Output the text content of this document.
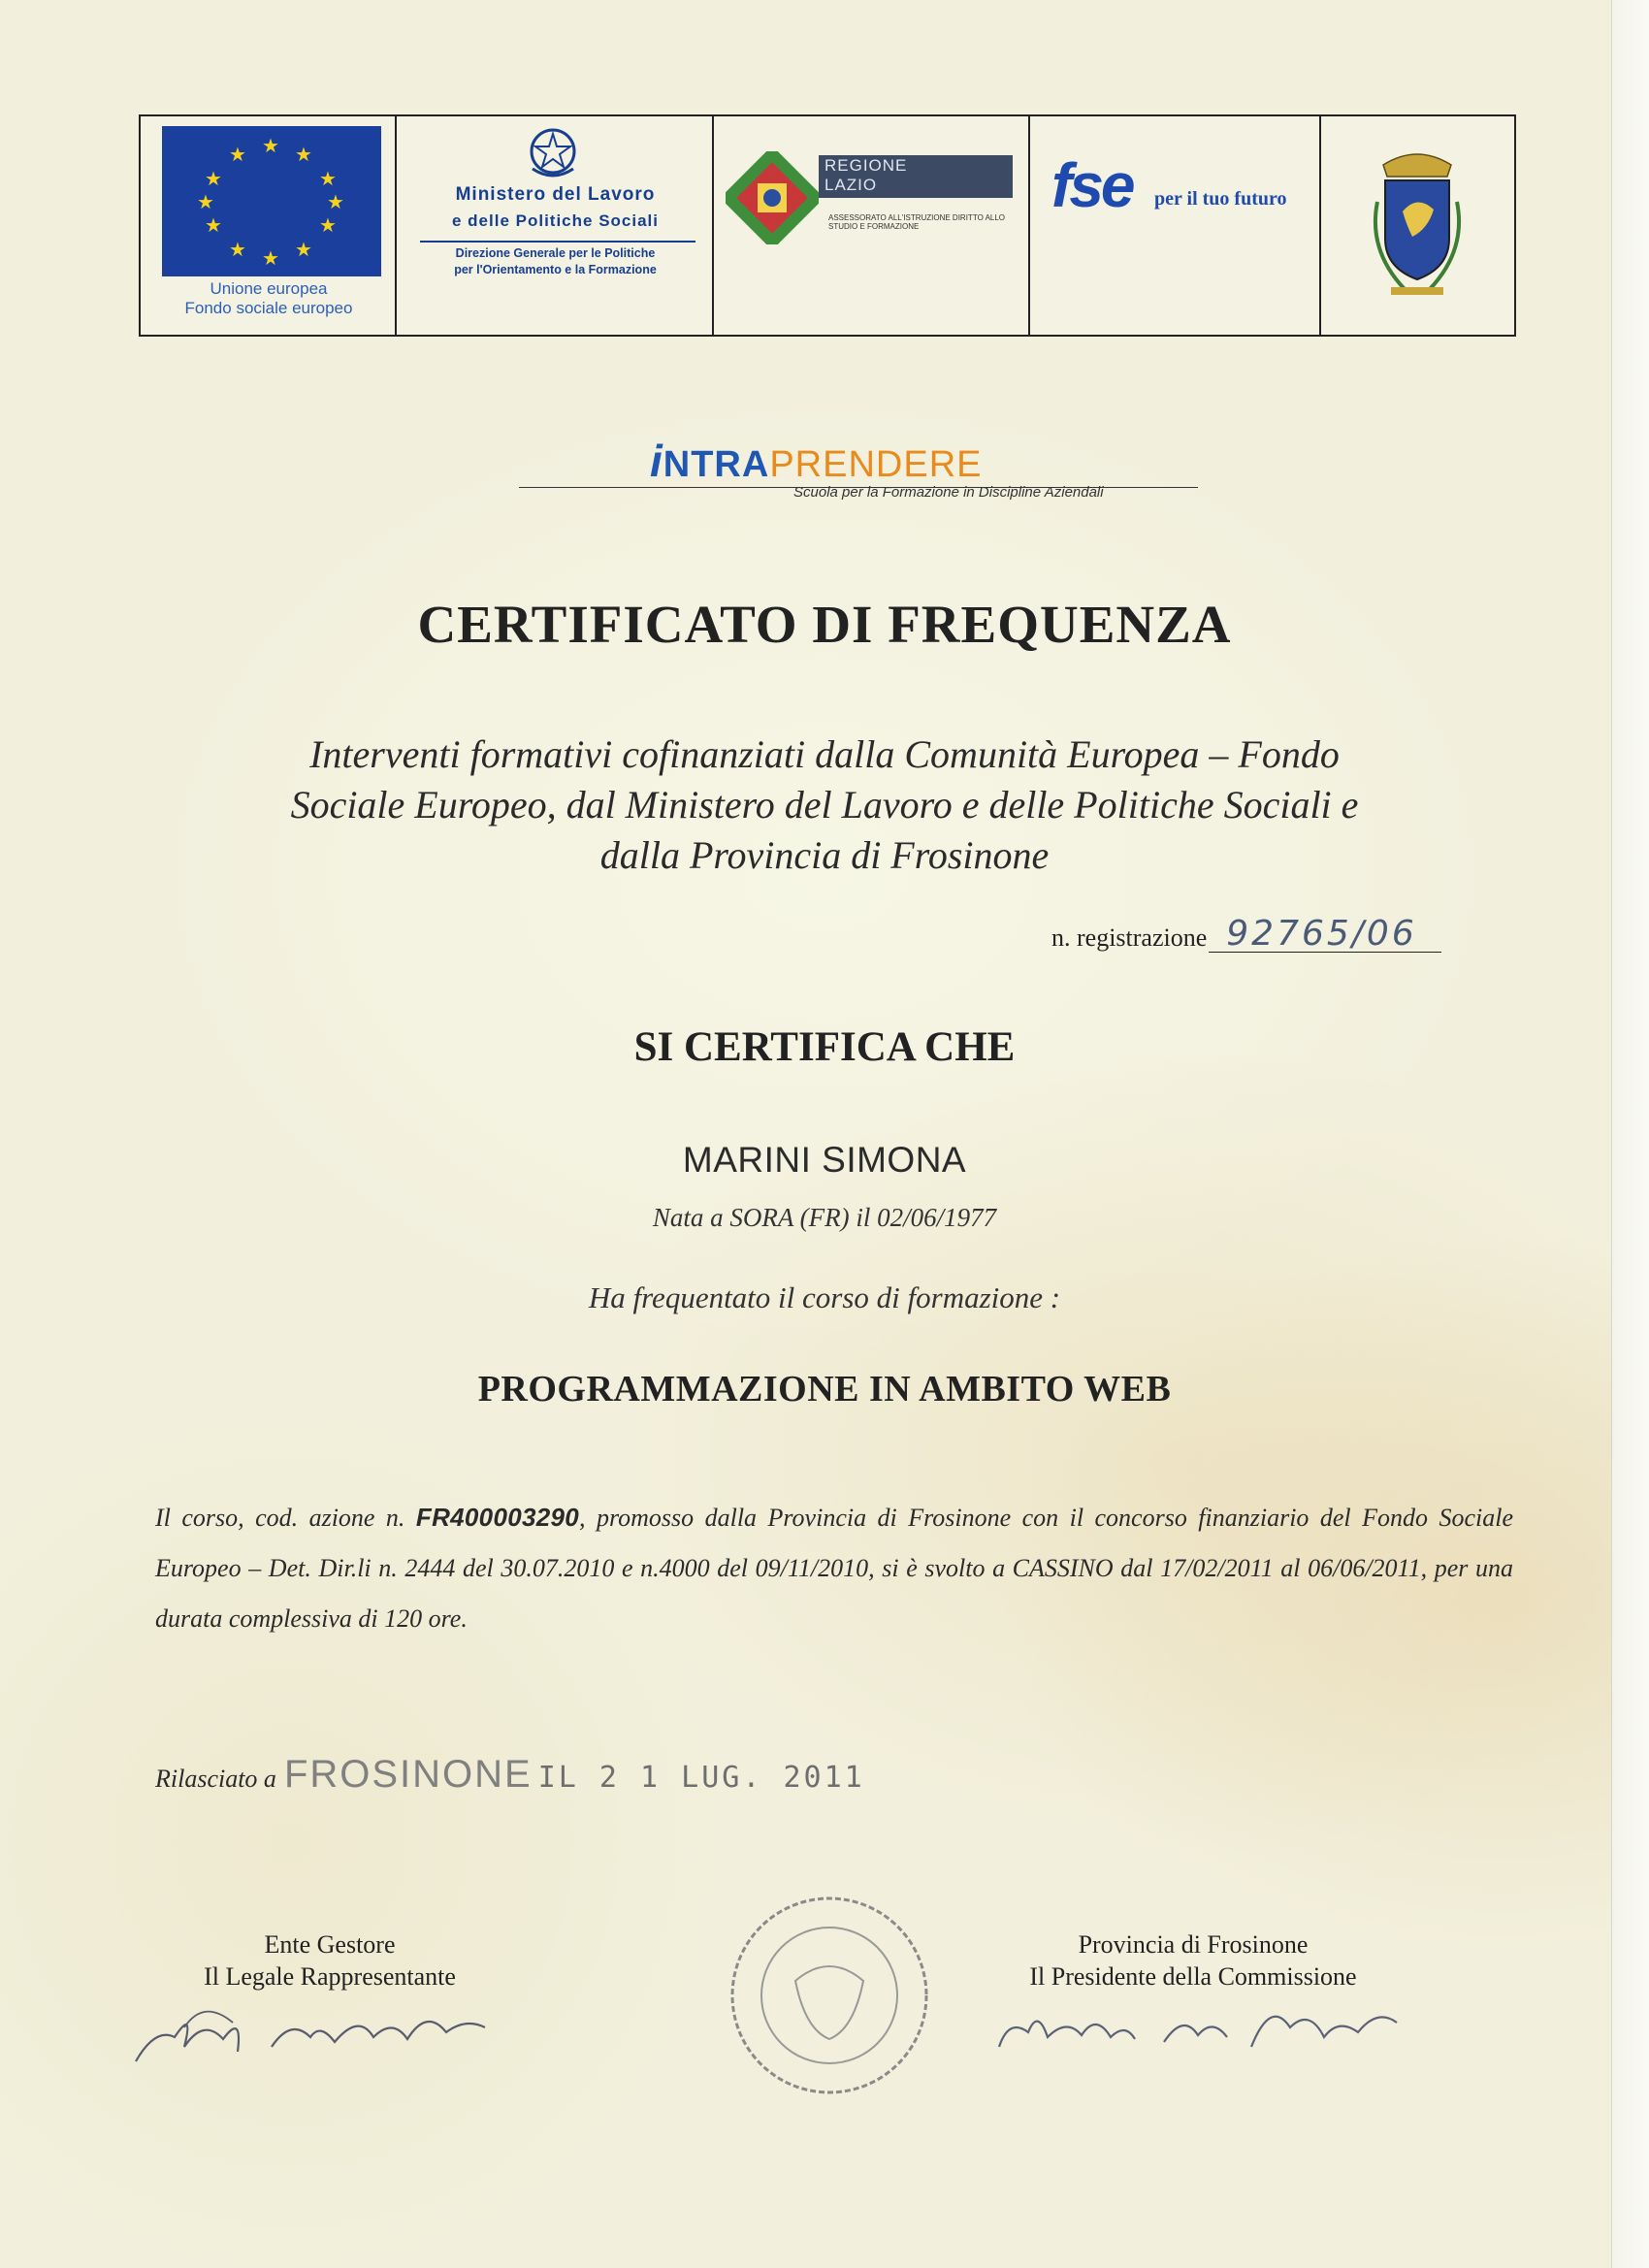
★ ★
★
★
★
★
★
★
★
★
★
★
Unione europea
Fondo sociale europeo
Ministero del Lavoro
e delle Politiche Sociali
Direzione Generale per le Politiche
per l'Orientamento e la Formazione
REGIONE
LAZIO
ASSESSORATO ALL'ISTRUZIONE DIRITTO ALLO STUDIO E FORMAZIONE
fse per il tuo futuro
iNTRAPRENDERE
Scuola per la Formazione in Discipline Aziendali
CERTIFICATO DI FREQUENZA
Interventi formativi cofinanziati dalla Comunità Europea – Fondo
Sociale Europeo, dal Ministero del Lavoro e delle Politiche Sociali e
dalla Provincia di Frosinone
n. registrazione 92765/06
SI CERTIFICA CHE
MARINI SIMONA
Nata a SORA (FR) il 02/06/1977
Ha frequentato il corso di formazione :
PROGRAMMAZIONE IN AMBITO WEB
Il corso, cod. azione n. FR400003290, promosso dalla Provincia di Frosinone con il concorso finanziario del Fondo Sociale Europeo – Det. Dir.li n. 2444 del 30.07.2010 e n.4000 del 09/11/2010, si è svolto a CASSINO dal 17/02/2011 al 06/06/2011, per una durata complessiva di 120 ore.
Rilasciato a FROSINONE IL 2 1 LUG. 2011
Ente Gestore
Il Legale Rappresentante
Provincia di Frosinone
Il Presidente della Commissione
